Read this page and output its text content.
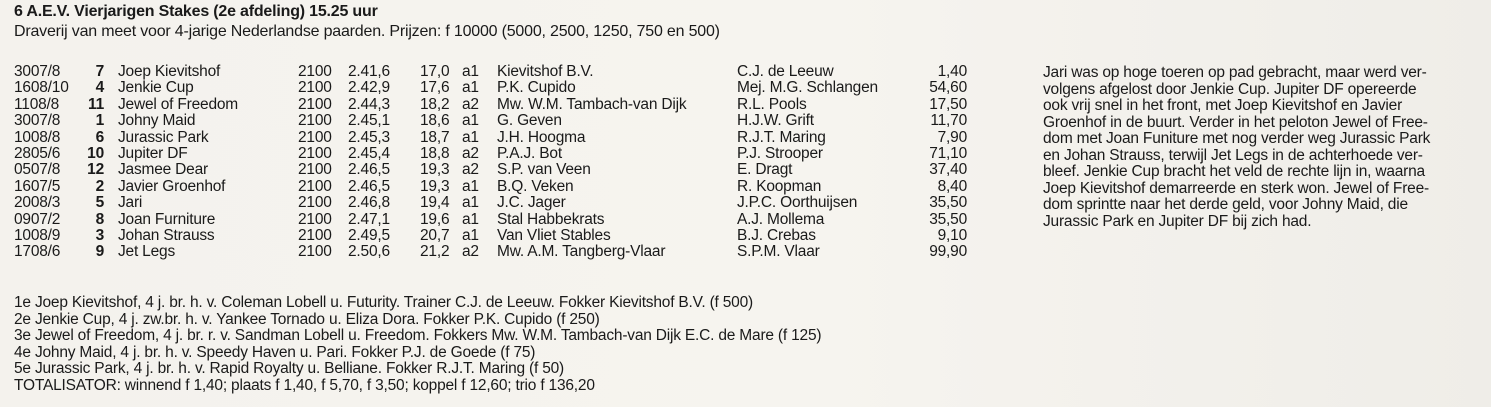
6 A.E.V. Vierjarigen Stakes (2e afdeling) 15.25 uur
Draverij van meet voor 4-jarige Nederlandse paarden. Prijzen: f 10000 (5000, 2500, 1250, 750 en 500)
3007/8	7	Joep Kievitshof	2100	2.41,6	17,0	a1	Kievitshof B.V.	C.J. de Leeuw	1,40
1608/10	4	Jenkie Cup	2100	2.42,9	17,6	a1	P.K. Cupido	Mej. M.G. Schlangen	54,60
1108/8	11	Jewel of Freedom	2100	2.44,3	18,2	a2	Mw. W.M. Tambach-van Dijk	R.L. Pools	17,50
3007/8	1	Johny Maid	2100	2.45,1	18,6	a1	G. Geven	H.J.W. Grift	11,70
1008/8	6	Jurassic Park	2100	2.45,3	18,7	a1	J.H. Hoogma	R.J.T. Maring	7,90
2805/6	10	Jupiter DF	2100	2.45,4	18,8	a2	P.A.J. Bot	P.J. Strooper	71,10
0507/8	12	Jasmee Dear	2100	2.46,5	19,3	a2	S.P. van Veen	E. Dragt	37,40
1607/5	2	Javier Groenhof	2100	2.46,5	19,3	a1	B.Q. Veken	R. Koopman	8,40
2008/3	5	Jari	2100	2.46,8	19,4	a1	J.C. Jager	J.P.C. Oorthuijsen	35,50
0907/2	8	Joan Furniture	2100	2.47,1	19,6	a1	Stal Habbekrats	A.J. Mollema	35,50
1008/9	3	Johan Strauss	2100	2.49,5	20,7	a1	Van Vliet Stables	B.J. Crebas	9,10
1708/6	9	Jet Legs	2100	2.50,6	21,2	a2	Mw. A.M. Tangberg-Vlaar	S.P.M. Vlaar	99,90
Jari was op hoge toeren op pad gebracht, maar werd ver-
volgens afgelost door Jenkie Cup. Jupiter DF opereerde
ook vrij snel in het front, met Joep Kievitshof en Javier
Groenhof in de buurt. Verder in het peloton Jewel of Free-
dom met Joan Funiture met nog verder weg Jurassic Park
en Johan Strauss, terwijl Jet Legs in de achterhoede ver-
bleef. Jenkie Cup bracht het veld de rechte lijn in, waarna
Joep Kievitshof demarreerde en sterk won. Jewel of Free-
dom sprintte naar het derde geld, voor Johny Maid, die
Jurassic Park en Jupiter DF bij zich had.
1e Joep Kievitshof, 4 j. br. h. v. Coleman Lobell u. Futurity. Trainer C.J. de Leeuw. Fokker Kievitshof B.V. (f 500)
2e Jenkie Cup, 4 j. zw.br. h. v. Yankee Tornado u. Eliza Dora. Fokker P.K. Cupido (f 250)
3e Jewel of Freedom, 4 j. br. r. v. Sandman Lobell u. Freedom. Fokkers Mw. W.M. Tambach-van Dijk E.C. de Mare (f 125)
4e Johny Maid, 4 j. br. h. v. Speedy Haven u. Pari. Fokker P.J. de Goede (f 75)
5e Jurassic Park, 4 j. br. h. v. Rapid Royalty u. Belliane. Fokker R.J.T. Maring (f 50)
TOTALISATOR: winnend f 1,40; plaats f 1,40, f 5,70, f 3,50; koppel f 12,60; trio f 136,20
